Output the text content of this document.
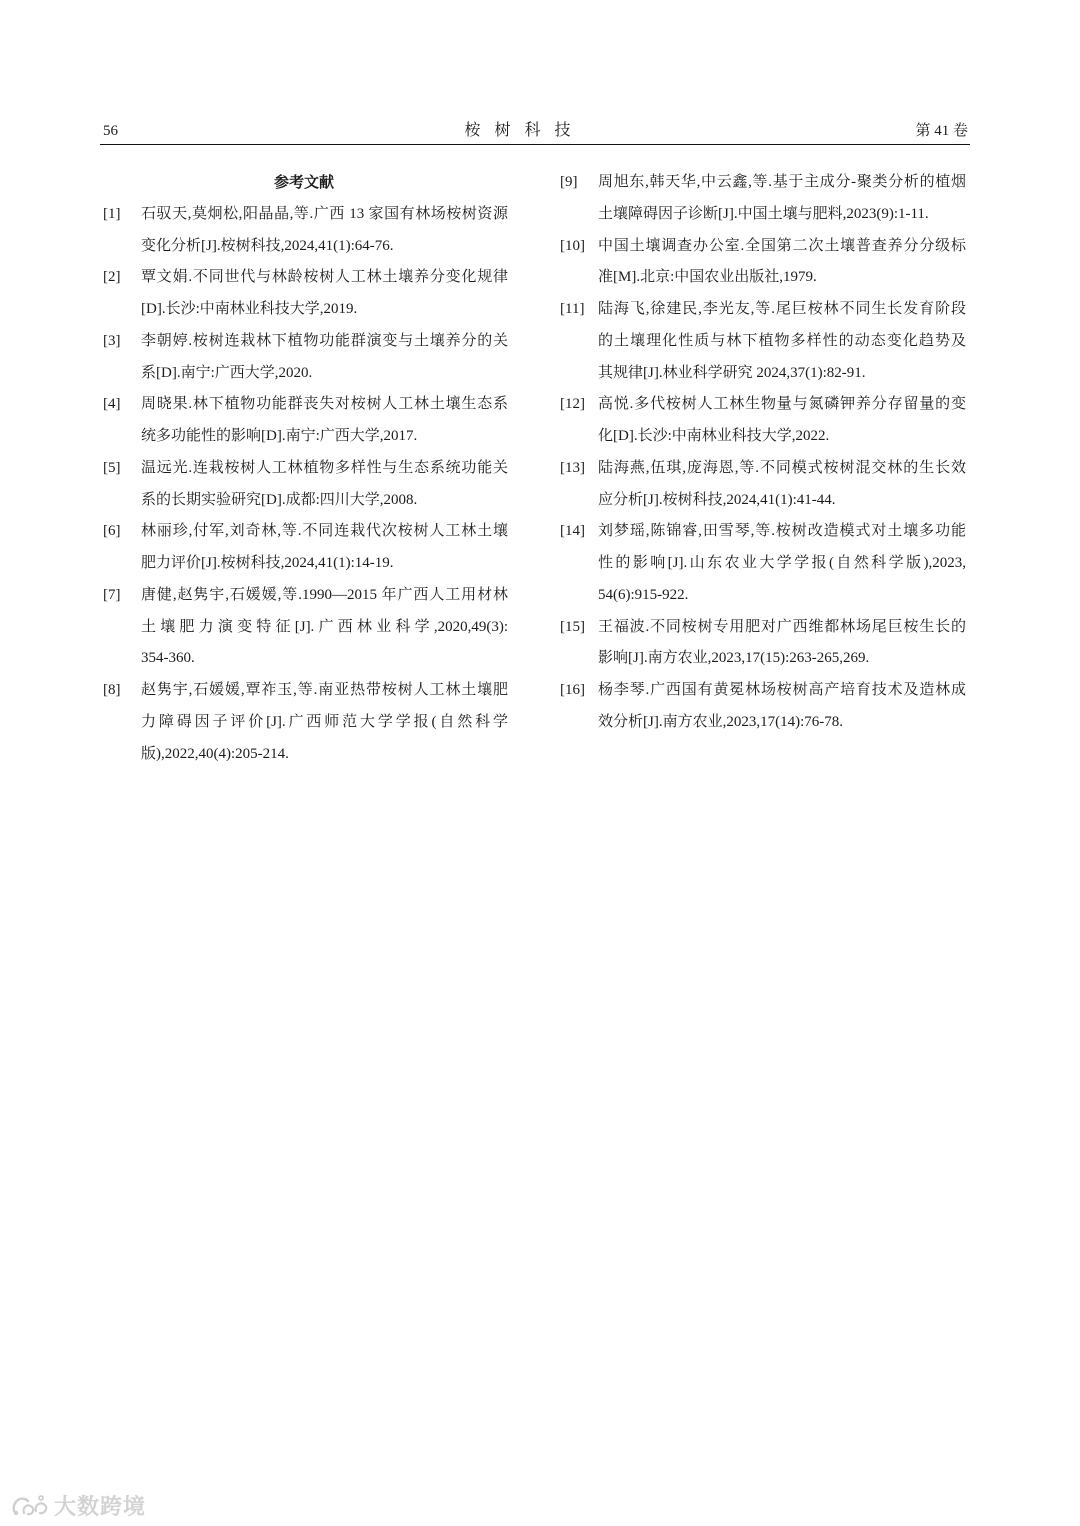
56	桉 树 科 技	第 41 卷
参考文献
[1]	石驭天,莫炯松,阳晶晶,等.广西 13 家国有林场桉树资源
变化分析[J].桉树科技,2024,41(1):64-76.
[2]	覃文娟.不同世代与林龄桉树人工林土壤养分变化规律
[D].长沙:中南林业科技大学,2019.
[3]	李朝婷.桉树连栽林下植物功能群演变与土壤养分的关
系[D].南宁:广西大学,2020.
[4]	周晓果.林下植物功能群丧失对桉树人工林土壤生态系
统多功能性的影响[D].南宁:广西大学,2017.
[5]	温远光.连栽桉树人工林植物多样性与生态系统功能关
系的长期实验研究[D].成都:四川大学,2008.
[6]	林丽珍,付军,刘奇林,等.不同连栽代次桉树人工林土壤
肥力评价[J].桉树科技,2024,41(1):14-19.
[7]	唐健,赵隽宇,石媛媛,等.1990—2015 年广西人工用材林
土壤肥力演变特征[J].广西林业科学,2020,49(3):
354-360.
[8]	赵隽宇,石媛媛,覃祚玉,等.南亚热带桉树人工林土壤肥
力障碍因子评价[J].广西师范大学学报(自然科学
版),2022,40(4):205-214.
[9]	周旭东,韩天华,中云鑫,等.基于主成分-聚类分析的植烟
土壤障碍因子诊断[J].中国土壤与肥料,2023(9):1-11.
[10] 中国土壤调查办公室.全国第二次土壤普查养分分级标
准[M].北京:中国农业出版社,1979.
[11] 陆海飞,徐建民,李光友,等.尾巨桉林不同生长发育阶段
的土壤理化性质与林下植物多样性的动态变化趋势及
其规律[J].林业科学研究 2024,37(1):82-91.
[12] 高悦.多代桉树人工林生物量与氮磷钾养分存留量的变
化[D].长沙:中南林业科技大学,2022.
[13] 陆海燕,伍琪,庞海恩,等.不同模式桉树混交林的生长效
应分析[J].桉树科技,2024,41(1):41-44.
[14] 刘梦瑶,陈锦睿,田雪琴,等.桉树改造模式对土壤多功能
性的影响[J].山东农业大学学报(自然科学版),2023,
54(6):915-922.
[15] 王福波.不同桉树专用肥对广西维都林场尾巨桉生长的
影响[J].南方农业,2023,17(15):263-265,269.
[16] 杨李琴.广西国有黄冕林场桉树高产培育技术及造林成
效分析[J].南方农业,2023,17(14):76-78.
大数跨境
